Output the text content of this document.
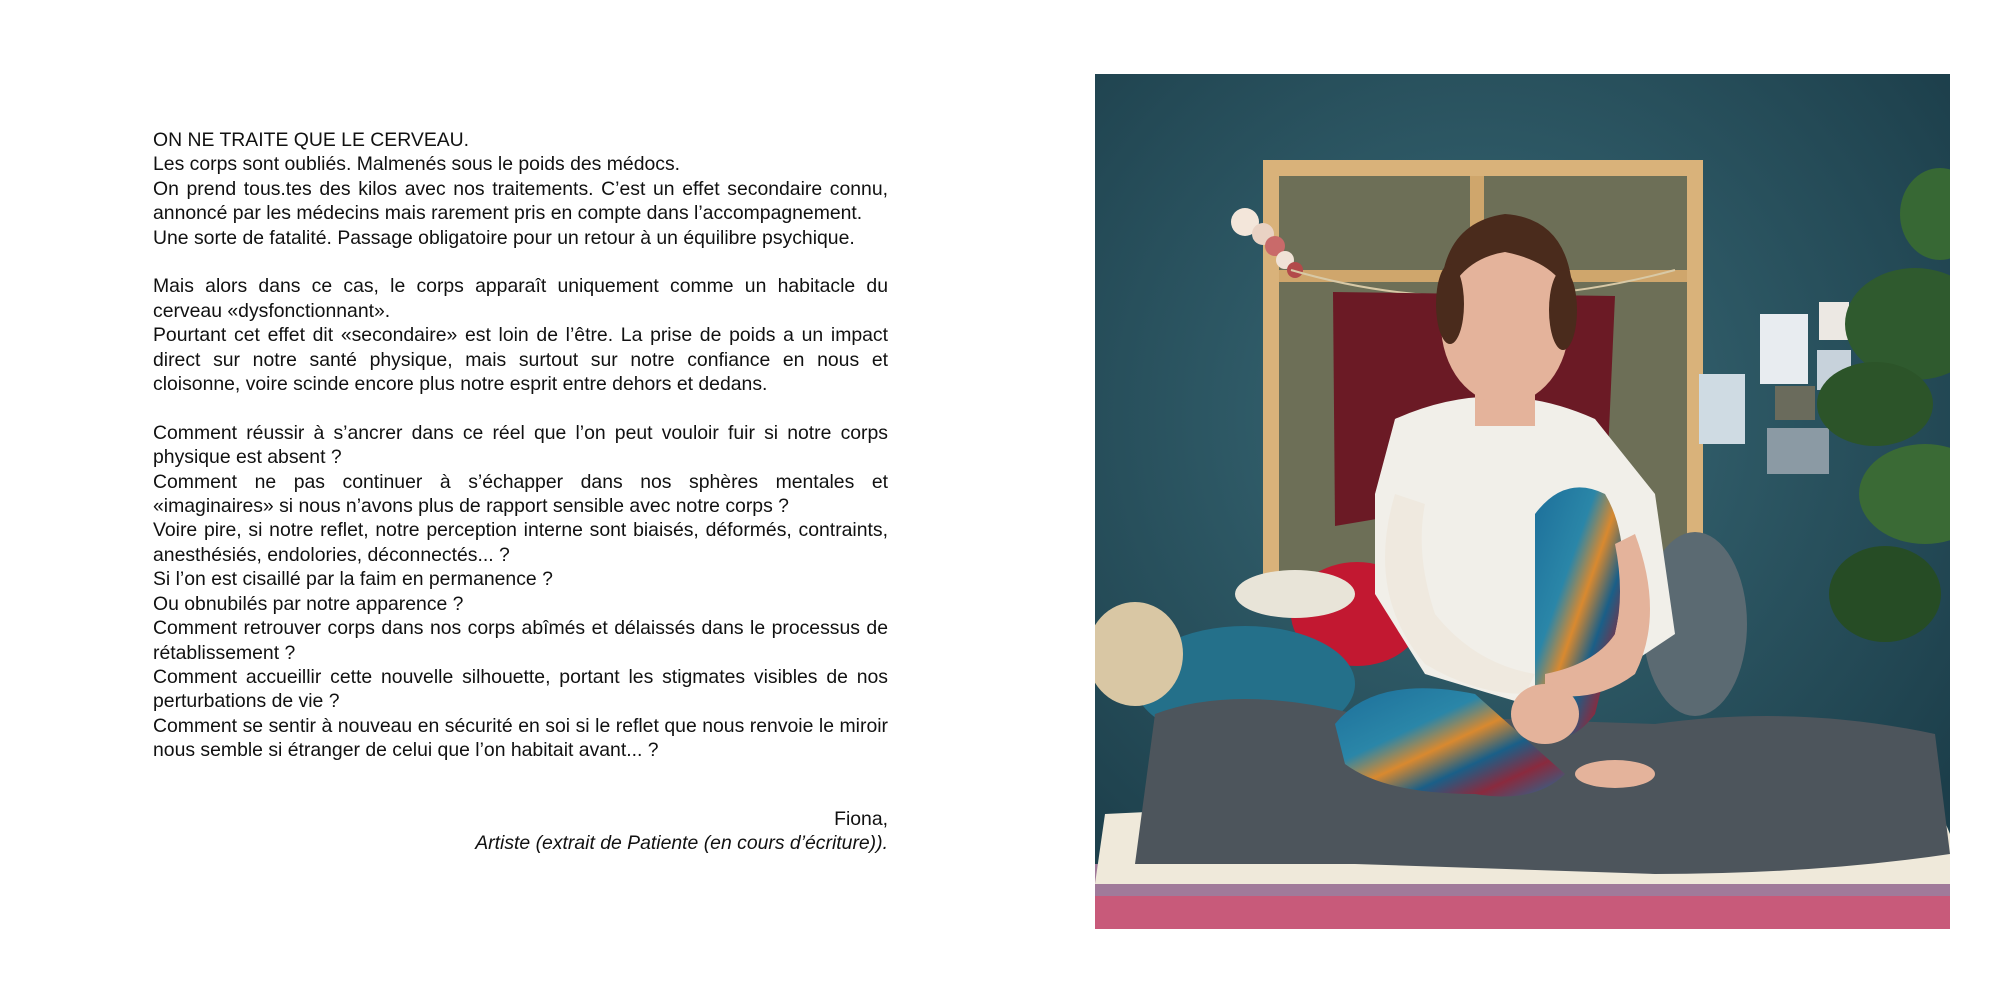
ON NE TRAITE QUE LE CERVEAU.
Les corps sont oubliés. Malmenés sous le poids des médocs.
On prend tous.tes des kilos avec nos traitements. C’est un effet secondaire connu, annoncé par les médecins mais rarement pris en compte dans l’accompagnement.
Une sorte de fatalité. Passage obligatoire pour un retour à un équilibre psychique.

Mais alors dans ce cas, le corps apparaît uniquement comme un habitacle du cerveau «dysfonctionnant».
Pourtant cet effet dit «secondaire» est loin de l’être. La prise de poids a un impact direct sur notre santé physique, mais surtout sur notre confiance en nous et cloisonne, voire scinde encore plus notre esprit entre dehors et dedans.

Comment réussir à s’ancrer dans ce réel que l’on peut vouloir fuir si notre corps physique est absent ?
Comment ne pas continuer à s’échapper dans nos sphères mentales et «imaginaires» si nous n’avons plus de rapport sensible avec notre corps ?
Voire pire, si notre reflet, notre perception interne sont biaisés, déformés, contraints, anesthésiés, endolories, déconnectés... ?
Si l’on est cisaillé par la faim en permanence ?
Ou obnubilés par notre apparence ?
Comment retrouver corps dans nos corps abîmés et délaissés dans le processus de rétablissement ?
Comment accueillir cette nouvelle silhouette, portant les stigmates visibles de nos perturbations de vie ?
Comment se sentir à nouveau en sécurité en soi si le reflet que nous renvoie le miroir nous semble si étranger de celui que l’on habitait avant... ?

Fiona,
Artiste (extrait de Patiente (en cours d’écriture)).
